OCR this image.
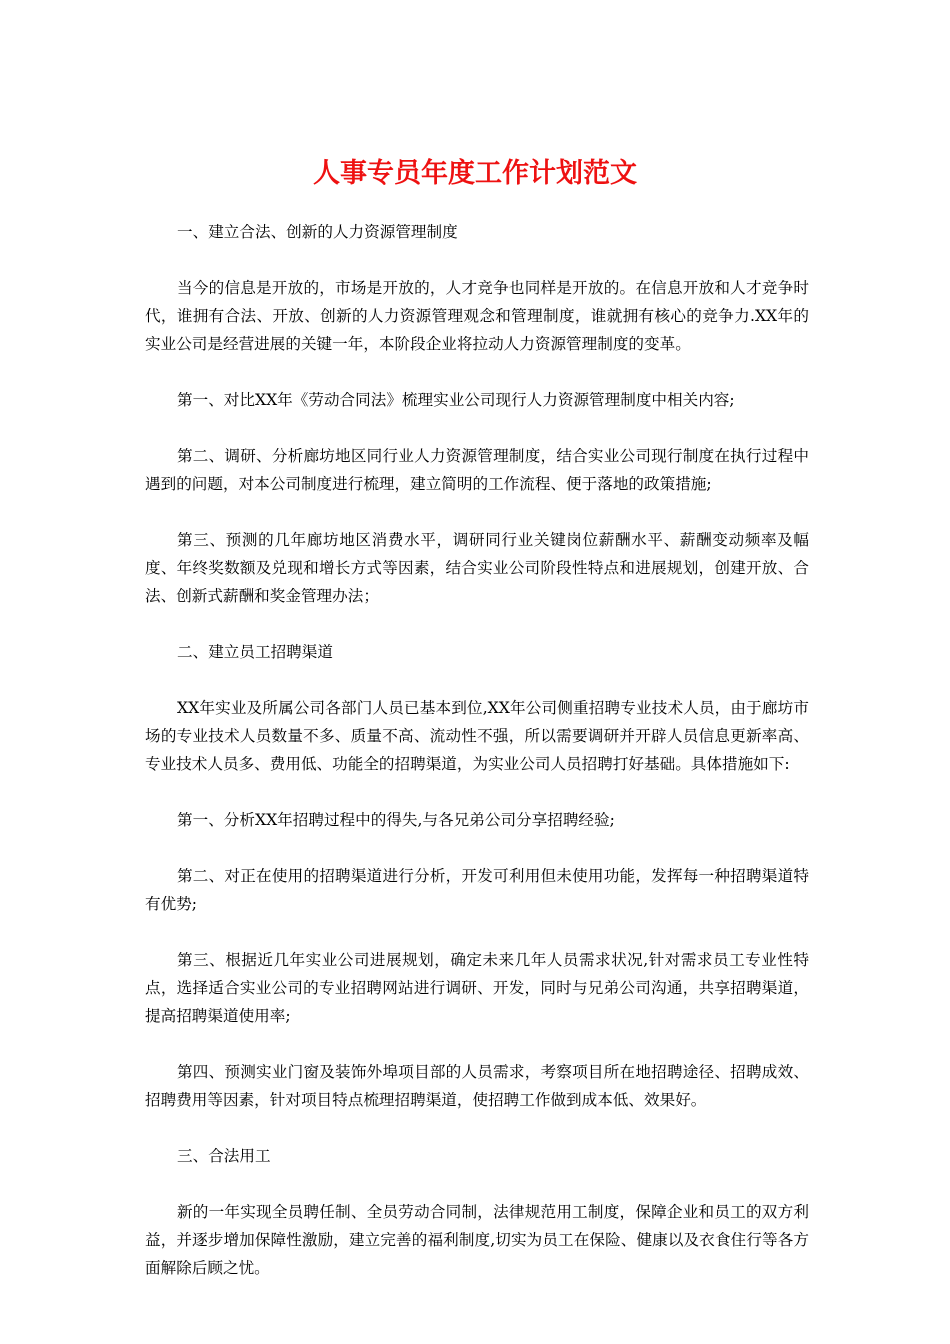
人事专员年度工作计划范文

一、建立合法、创新的人力资源管理制度

当今的信息是开放的，市场是开放的，人才竞争也同样是开放的。在信息开放和人才竞争时代，谁拥有合法、开放、创新的人力资源管理观念和管理制度，谁就拥有核心的竞争力.XX年的实业公司是经营进展的关键一年，本阶段企业将拉动人力资源管理制度的变革。

第一、对比XX年《劳动合同法》梳理实业公司现行人力资源管理制度中相关内容;

第二、调研、分析廊坊地区同行业人力资源管理制度，结合实业公司现行制度在执行过程中遇到的问题，对本公司制度进行梳理，建立简明的工作流程、便于落地的政策措施;

第三、预测的几年廊坊地区消费水平，调研同行业关键岗位薪酬水平、薪酬变动频率及幅度、年终奖数额及兑现和增长方式等因素，结合实业公司阶段性特点和进展规划，创建开放、合法、创新式薪酬和奖金管理办法；

二、建立员工招聘渠道

XX年实业及所属公司各部门人员已基本到位,XX年公司侧重招聘专业技术人员，由于廊坊市场的专业技术人员数量不多、质量不高、流动性不强，所以需要调研并开辟人员信息更新率高、专业技术人员多、费用低、功能全的招聘渠道，为实业公司人员招聘打好基础。具体措施如下:

第一、分析XX年招聘过程中的得失,与各兄弟公司分享招聘经验;

第二、对正在使用的招聘渠道进行分析，开发可利用但未使用功能，发挥每一种招聘渠道特有优势;

第三、根据近几年实业公司进展规划，确定未来几年人员需求状况,针对需求员工专业性特点，选择适合实业公司的专业招聘网站进行调研、开发，同时与兄弟公司沟通，共享招聘渠道，提高招聘渠道使用率;

第四、预测实业门窗及装饰外埠项目部的人员需求，考察项目所在地招聘途径、招聘成效、招聘费用等因素，针对项目特点梳理招聘渠道，使招聘工作做到成本低、效果好。

三、合法用工

新的一年实现全员聘任制、全员劳动合同制，法律规范用工制度，保障企业和员工的双方利益，并逐步增加保障性激励，建立完善的福利制度,切实为员工在保险、健康以及衣食住行等各方面解除后顾之忧。
